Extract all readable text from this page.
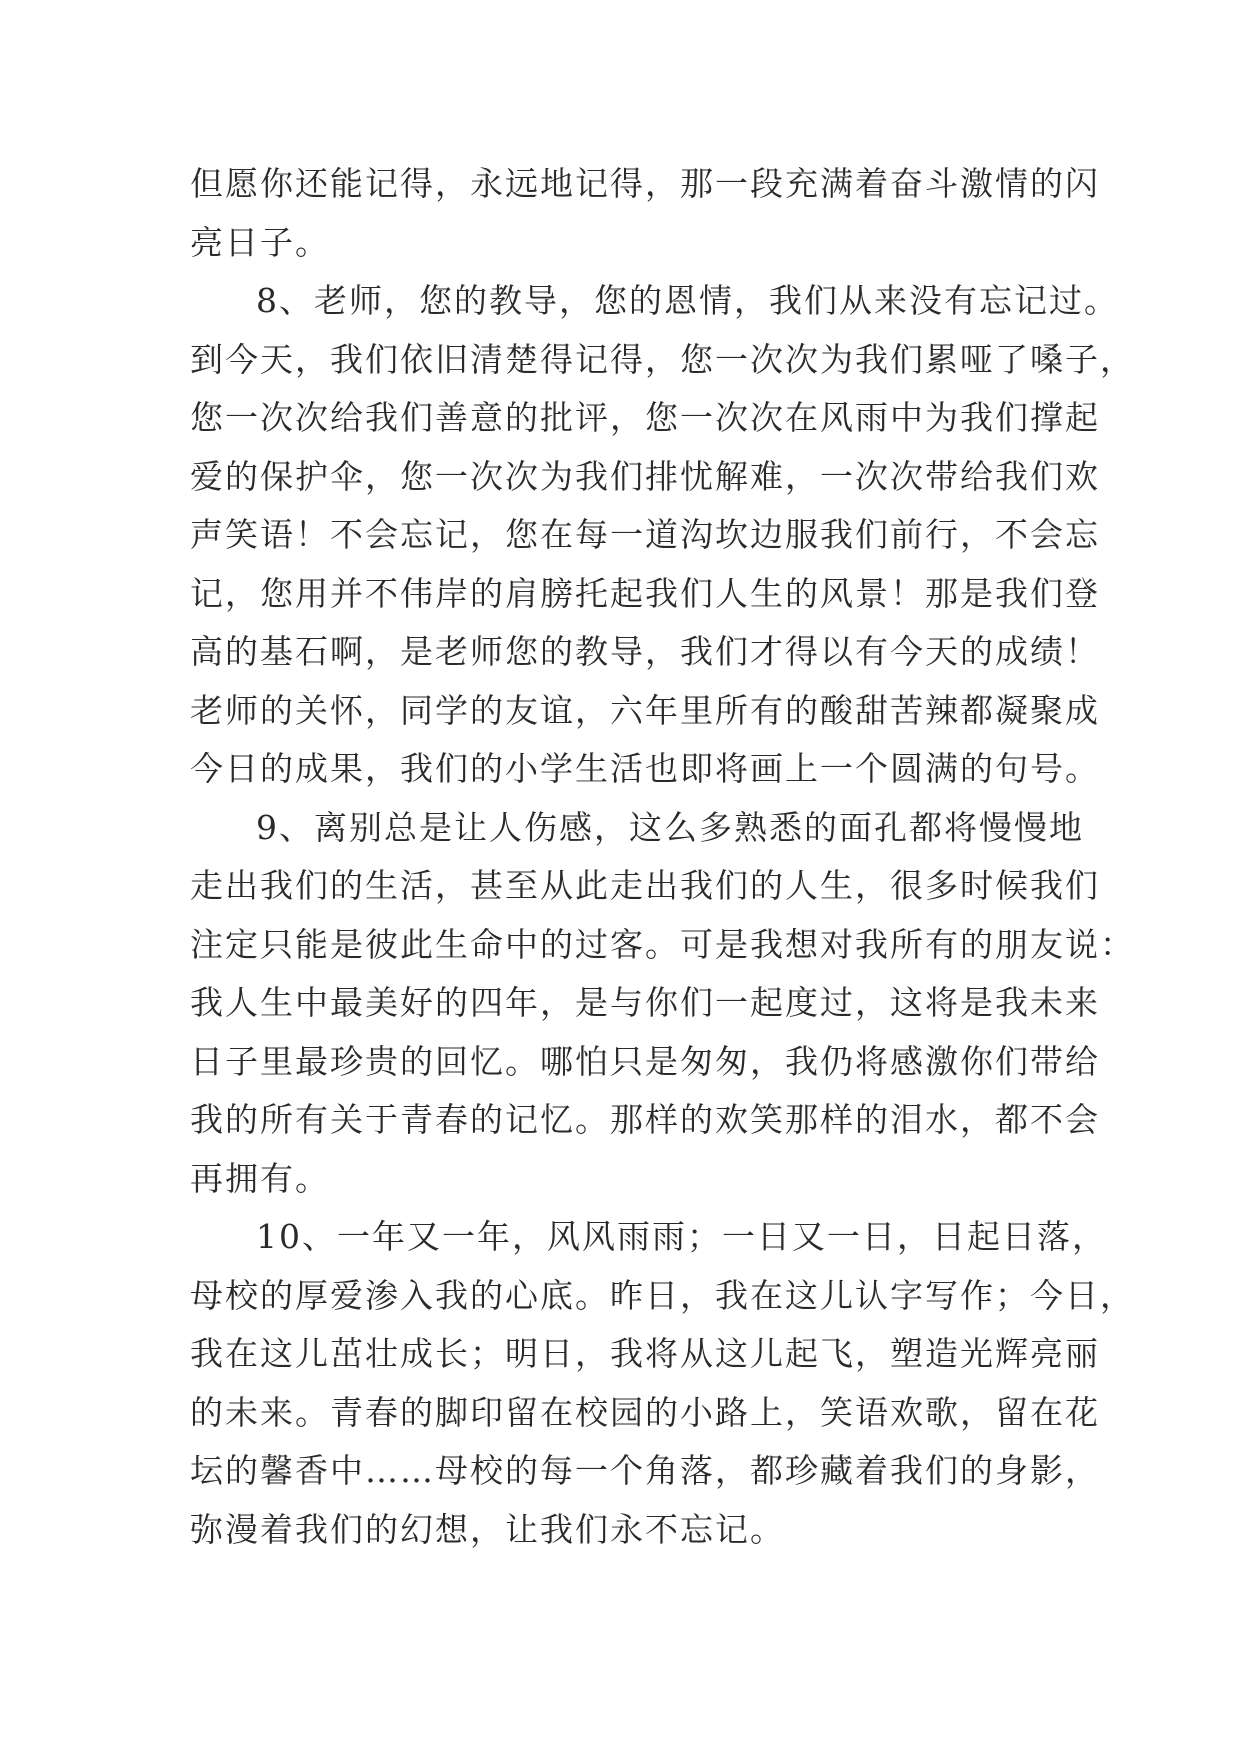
但愿你还能记得，永远地记得，那一段充满着奋斗激情的闪
亮日子。
8、老师，您的教导，您的恩情，我们从来没有忘记过。
到今天，我们依旧清楚得记得，您一次次为我们累哑了嗓子，
您一次次给我们善意的批评，您一次次在风雨中为我们撑起
爱的保护伞，您一次次为我们排忧解难，一次次带给我们欢
声笑语！不会忘记，您在每一道沟坎边服我们前行，不会忘
记，您用并不伟岸的肩膀托起我们人生的风景！那是我们登
高的基石啊，是老师您的教导，我们才得以有今天的成绩！
老师的关怀，同学的友谊，六年里所有的酸甜苦辣都凝聚成
今日的成果，我们的小学生活也即将画上一个圆满的句号。
9、离别总是让人伤感，这么多熟悉的面孔都将慢慢地
走出我们的生活，甚至从此走出我们的人生，很多时候我们
注定只能是彼此生命中的过客。可是我想对我所有的朋友说：
我人生中最美好的四年，是与你们一起度过，这将是我未来
日子里最珍贵的回忆。哪怕只是匆匆，我仍将感激你们带给
我的所有关于青春的记忆。那样的欢笑那样的泪水，都不会
再拥有。
10、一年又一年，风风雨雨；一日又一日，日起日落，
母校的厚爱渗入我的心底。昨日，我在这儿认字写作；今日，
我在这儿茁壮成长；明日，我将从这儿起飞，塑造光辉亮丽
的未来。青春的脚印留在校园的小路上，笑语欢歌，留在花
坛的馨香中……母校的每一个角落，都珍藏着我们的身影，
弥漫着我们的幻想，让我们永不忘记。
